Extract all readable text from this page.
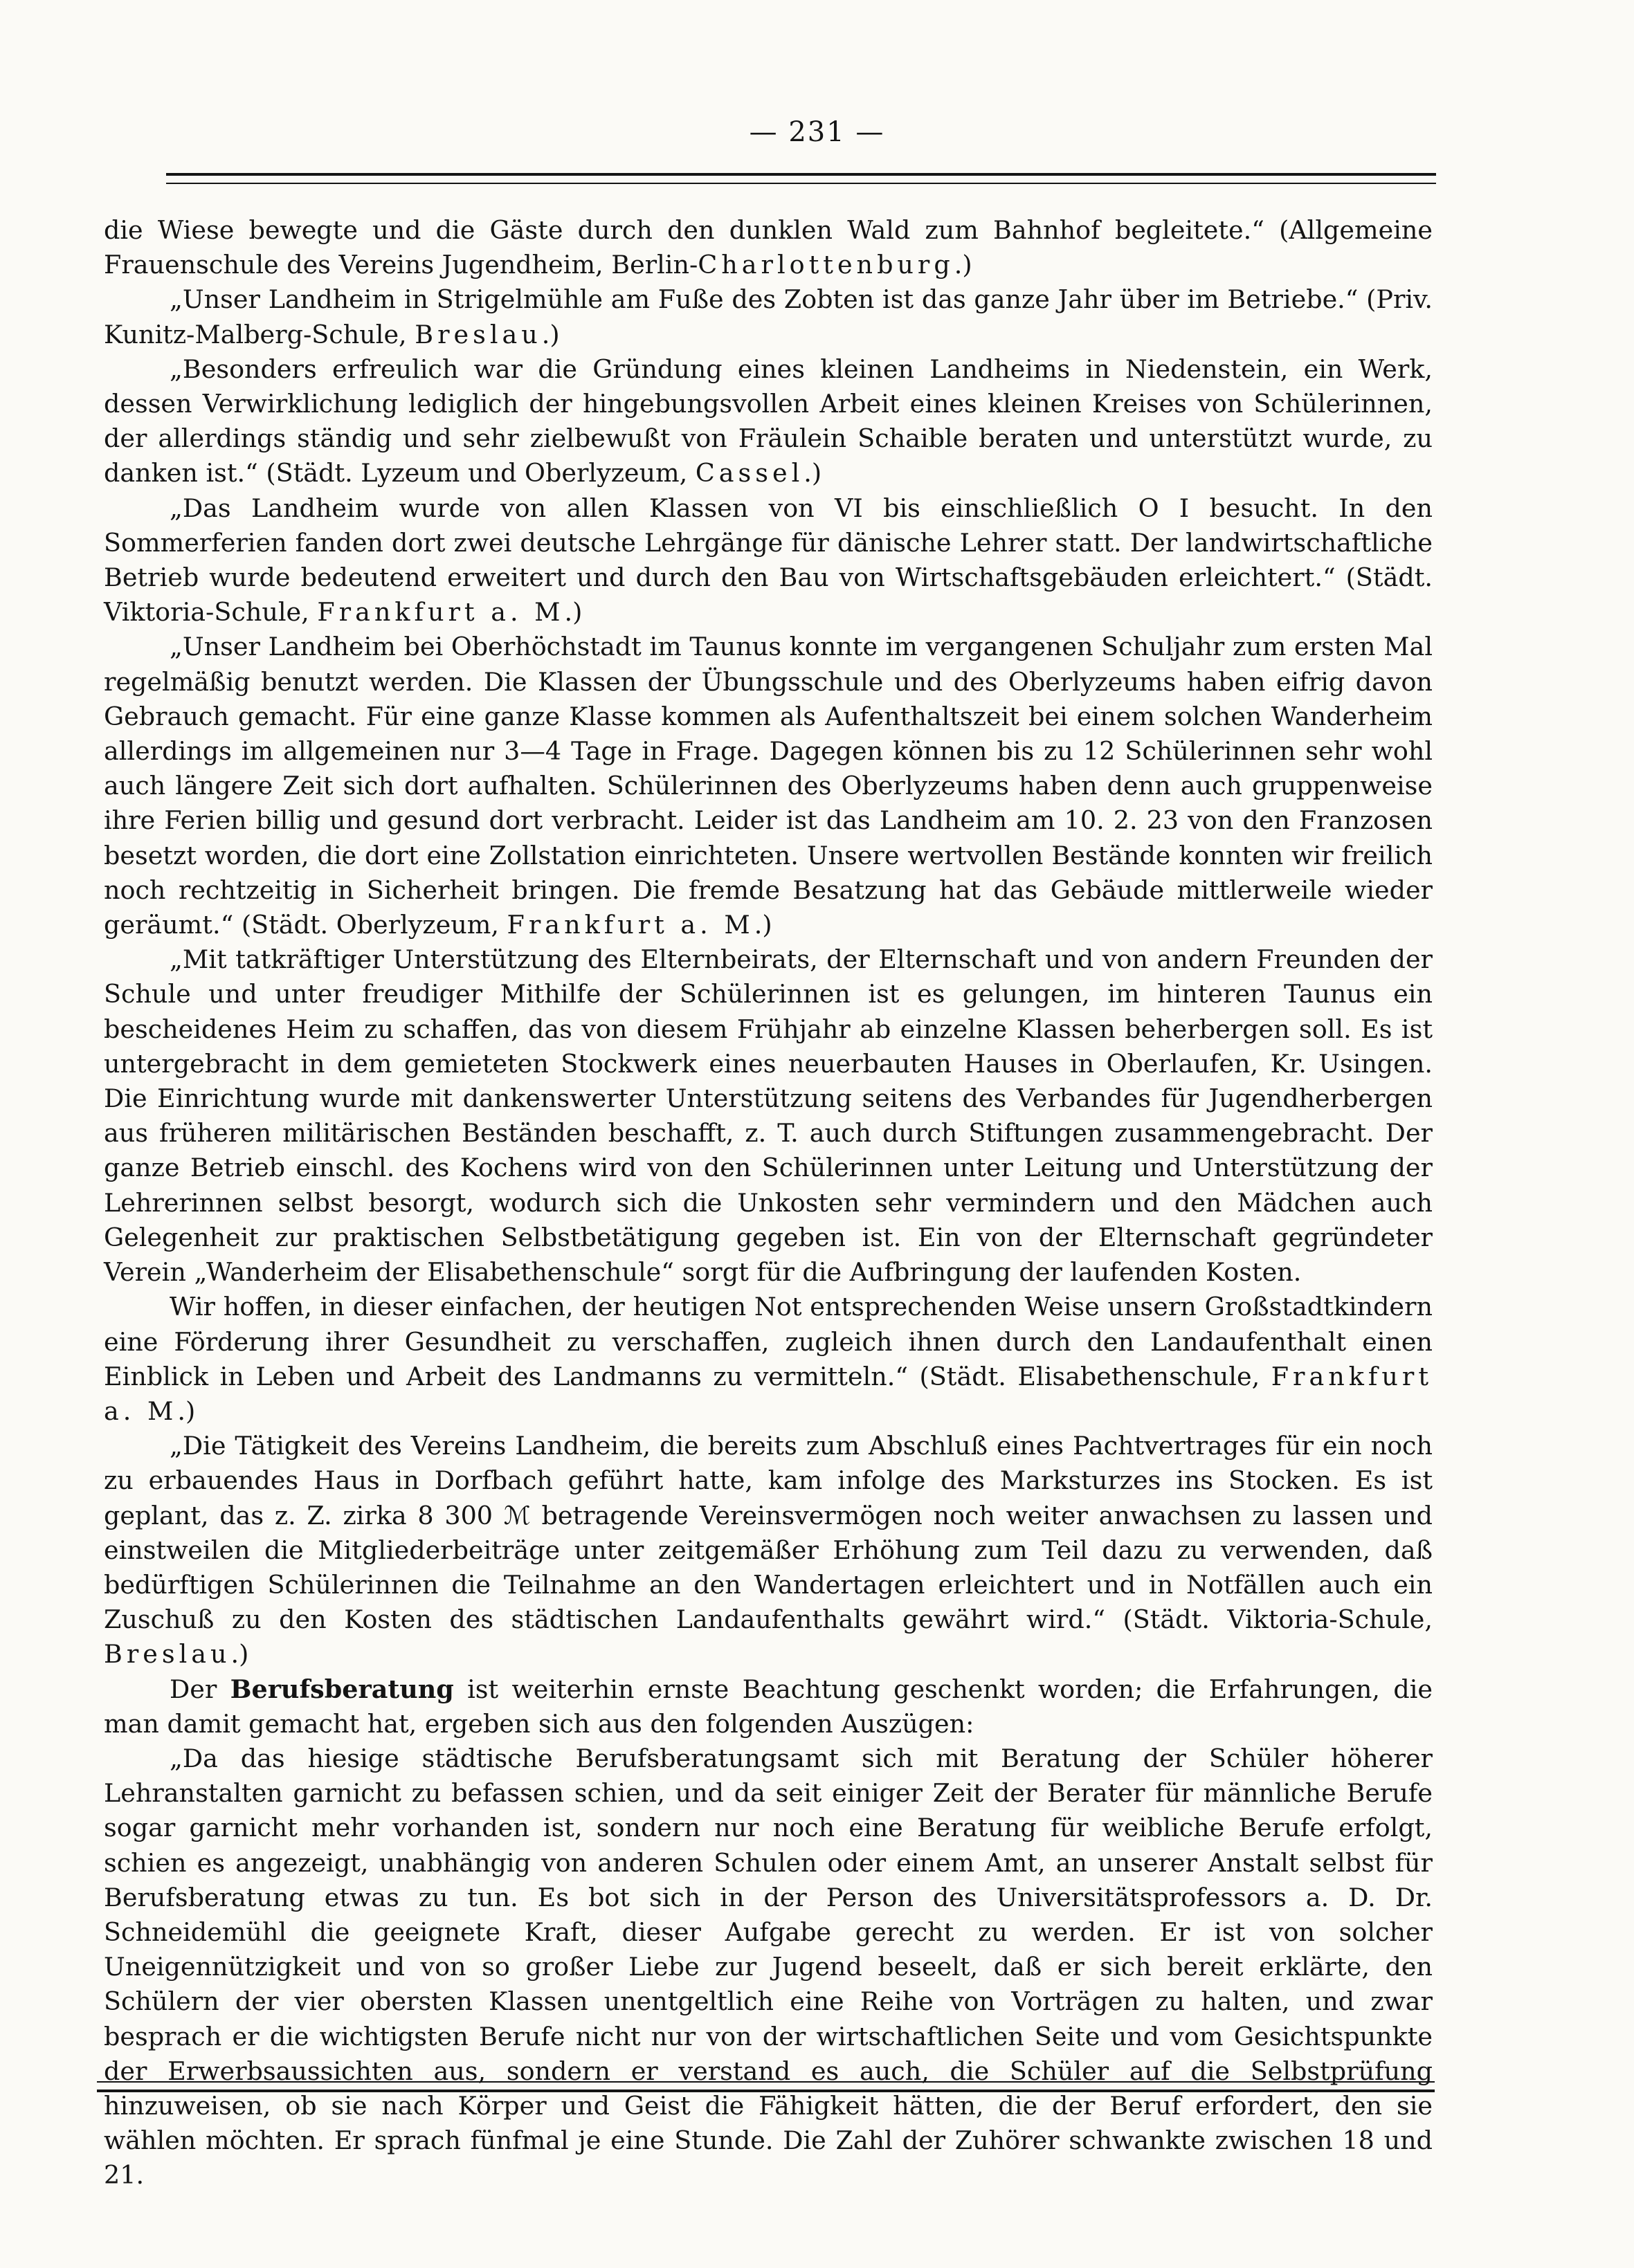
— 231 —

die Wiese bewegte und die Gäste durch den dunklen Wald zum Bahnhof begleitete.“ (Allgemeine Frauenschule des Vereins Jugendheim, Berlin-Charlottenburg.)

„Unser Landheim in Strigelmühle am Fuße des Zobten ist das ganze Jahr über im Betriebe.“ (Priv. Kunitz-Malberg-Schule, Breslau.)

„Besonders erfreulich war die Gründung eines kleinen Landheims in Niedenstein, ein Werk, dessen Verwirklichung lediglich der hingebungsvollen Arbeit eines kleinen Kreises von Schülerinnen, der allerdings ständig und sehr zielbewußt von Fräulein Schaible beraten und unterstützt wurde, zu danken ist.“ (Städt. Lyzeum und Oberlyzeum, Cassel.)

„Das Landheim wurde von allen Klassen von VI bis einschließlich O I besucht. In den Sommerferien fanden dort zwei deutsche Lehrgänge für dänische Lehrer statt. Der landwirtschaftliche Betrieb wurde bedeutend erweitert und durch den Bau von Wirtschaftsgebäuden erleichtert.“ (Städt. Viktoria-Schule, Frankfurt a. M.)

„Unser Landheim bei Oberhöchstadt im Taunus konnte im vergangenen Schuljahr zum ersten Mal regelmäßig benutzt werden. Die Klassen der Übungsschule und des Oberlyzeums haben eifrig davon Gebrauch gemacht. Für eine ganze Klasse kommen als Aufenthaltszeit bei einem solchen Wanderheim allerdings im allgemeinen nur 3—4 Tage in Frage. Dagegen können bis zu 12 Schülerinnen sehr wohl auch längere Zeit sich dort aufhalten. Schülerinnen des Oberlyzeums haben denn auch gruppenweise ihre Ferien billig und gesund dort verbracht. Leider ist das Landheim am 10. 2. 23 von den Franzosen besetzt worden, die dort eine Zollstation einrichteten. Unsere wertvollen Bestände konnten wir freilich noch rechtzeitig in Sicherheit bringen. Die fremde Besatzung hat das Gebäude mittlerweile wieder geräumt.“ (Städt. Oberlyzeum, Frankfurt a. M.)

„Mit tatkräftiger Unterstützung des Elternbeirats, der Elternschaft und von andern Freunden der Schule und unter freudiger Mithilfe der Schülerinnen ist es gelungen, im hinteren Taunus ein bescheidenes Heim zu schaffen, das von diesem Frühjahr ab einzelne Klassen beherbergen soll. Es ist untergebracht in dem gemieteten Stockwerk eines neuerbauten Hauses in Oberlaufen, Kr. Usingen. Die Einrichtung wurde mit dankenswerter Unterstützung seitens des Verbandes für Jugendherbergen aus früheren militärischen Beständen beschafft, z. T. auch durch Stiftungen zusammengebracht. Der ganze Betrieb einschl. des Kochens wird von den Schülerinnen unter Leitung und Unterstützung der Lehrerinnen selbst besorgt, wodurch sich die Unkosten sehr vermindern und den Mädchen auch Gelegenheit zur praktischen Selbstbetätigung gegeben ist. Ein von der Elternschaft gegründeter Verein „Wanderheim der Elisabethenschule“ sorgt für die Aufbringung der laufenden Kosten.

Wir hoffen, in dieser einfachen, der heutigen Not entsprechenden Weise unsern Großstadtkindern eine Förderung ihrer Gesundheit zu verschaffen, zugleich ihnen durch den Landaufenthalt einen Einblick in Leben und Arbeit des Landmanns zu vermitteln.“ (Städt. Elisabethenschule, Frankfurt a. M.)

„Die Tätigkeit des Vereins Landheim, die bereits zum Abschluß eines Pachtvertrages für ein noch zu erbauendes Haus in Dorfbach geführt hatte, kam infolge des Marksturzes ins Stocken. Es ist geplant, das z. Z. zirka 8 300 ℳ betragende Vereinsvermögen noch weiter anwachsen zu lassen und einstweilen die Mitgliederbeiträge unter zeitgemäßer Erhöhung zum Teil dazu zu verwenden, daß bedürftigen Schülerinnen die Teilnahme an den Wandertagen erleichtert und in Notfällen auch ein Zuschuß zu den Kosten des städtischen Landaufenthalts gewährt wird.“ (Städt. Viktoria-Schule, Breslau.)

Der Berufsberatung ist weiterhin ernste Beachtung geschenkt worden; die Erfahrungen, die man damit gemacht hat, ergeben sich aus den folgenden Auszügen:

„Da das hiesige städtische Berufsberatungsamt sich mit Beratung der Schüler höherer Lehranstalten garnicht zu befassen schien, und da seit einiger Zeit der Berater für männliche Berufe sogar garnicht mehr vorhanden ist, sondern nur noch eine Beratung für weibliche Berufe erfolgt, schien es angezeigt, unabhängig von anderen Schulen oder einem Amt, an unserer Anstalt selbst für Berufsberatung etwas zu tun. Es bot sich in der Person des Universitätsprofessors a. D. Dr. Schneidemühl die geeignete Kraft, dieser Aufgabe gerecht zu werden. Er ist von solcher Uneigennützigkeit und von so großer Liebe zur Jugend beseelt, daß er sich bereit erklärte, den Schülern der vier obersten Klassen unentgeltlich eine Reihe von Vorträgen zu halten, und zwar besprach er die wichtigsten Berufe nicht nur von der wirtschaftlichen Seite und vom Gesichtspunkte der Erwerbsaussichten aus, sondern er verstand es auch, die Schüler auf die Selbstprüfung hinzuweisen, ob sie nach Körper und Geist die Fähigkeit hätten, die der Beruf erfordert, den sie wählen möchten. Er sprach fünfmal je eine Stunde. Die Zahl der Zuhörer schwankte zwischen 18 und 21.
